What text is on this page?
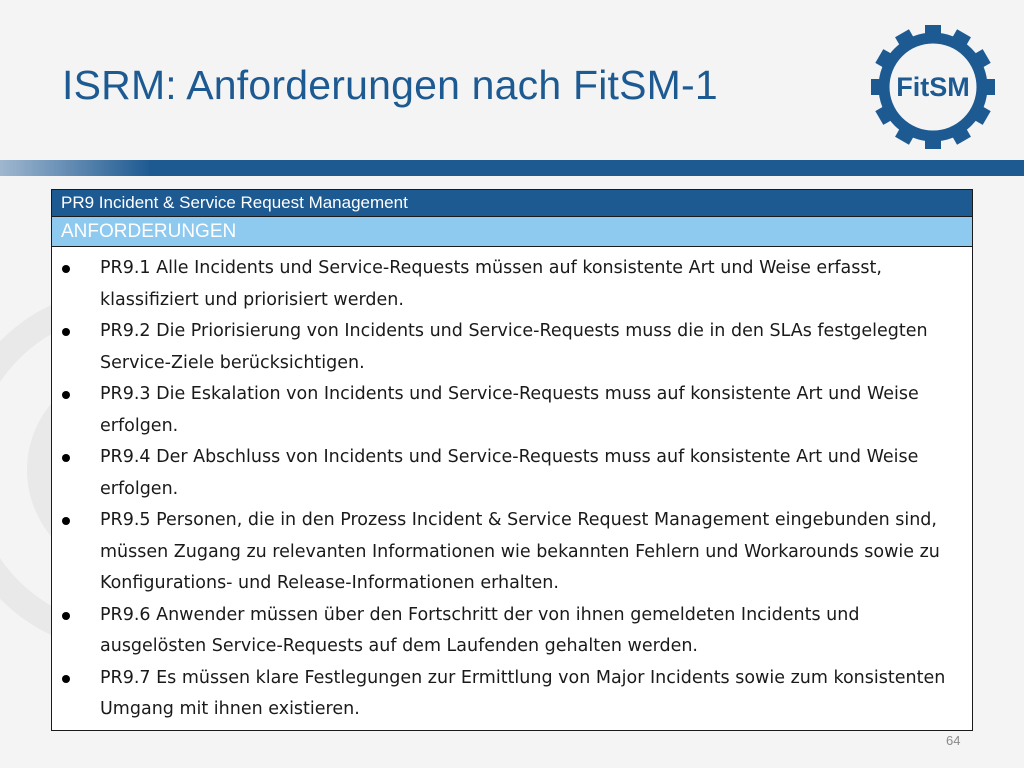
ISRM: Anforderungen nach FitSM-1	FitSM
PR9 Incident & Service Request Management
ANFORDERUNGEN

PR9.1 Alle Incidents und Service-Requests müssen auf konsistente Art und Weise erfasst, klassifiziert und priorisiert werden.
PR9.2 Die Priorisierung von Incidents und Service-Requests muss die in den SLAs festgelegten Service-Ziele berücksichtigen.
PR9.3 Die Eskalation von Incidents und Service-Requests muss auf konsistente Art und Weise erfolgen.
PR9.4 Der Abschluss von Incidents und Service-Requests muss auf konsistente Art und Weise erfolgen.
PR9.5 Personen, die in den Prozess Incident & Service Request Management eingebunden sind, müssen Zugang zu relevanten Informationen wie bekannten Fehlern und Workarounds sowie zu Konfigurations- und Release-Informationen erhalten.
PR9.6 Anwender müssen über den Fortschritt der von ihnen gemeldeten Incidents und ausgelösten Service-Requests auf dem Laufenden gehalten werden.
PR9.7 Es müssen klare Festlegungen zur Ermittlung von Major Incidents sowie zum konsistenten Umgang mit ihnen existieren.
64
